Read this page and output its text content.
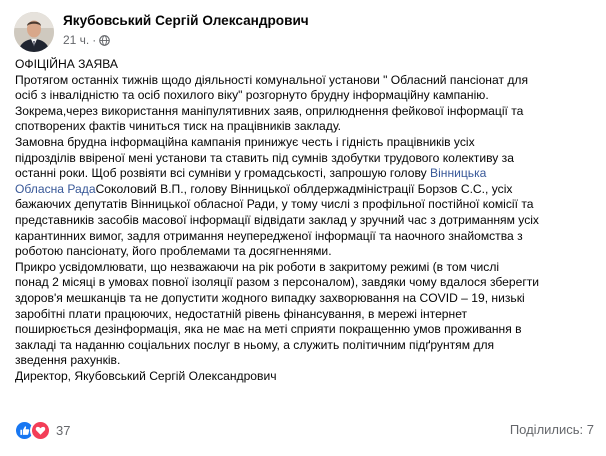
Якубовський Сергій Олександрович
21 ч. ·

ОФІЦІЙНА ЗАЯВА

Протягом останніх тижнів щодо діяльності комунальної установи " Обласний пансіонат для

осіб з інвалідністю та осіб похилого віку" розгорнуто брудну інформаційну кампанію.

Зокрема,через використання маніпулятивних заяв, оприлюднення фейкової інформації та

спотворених фактів чиниться тиск на працівників закладу.

Замовна брудна інформаційна кампанія принижує честь і гідність працівників усіх

підрозділів ввіреної мені установи та ставить під сумнів здобутки трудового колективу за

останні роки. Щоб розвіяти всі сумніви у громадськості, запрошую голову Вінницька

Обласна РадаСоколовий В.П., голову Вінницької облдержадміністрації Борзов С.С., усіх

бажаючих депутатів Вінницької обласної Ради, у тому числі з профільної постійної комісії та

представників засобів масової інформації відвідати заклад у зручний час з дотриманням усіх

карантинних вимог, задля отримання неупередженої інформації та наочного знайомства з

роботою пансіонату, його проблемами та досягненнями.

Прикро усвідомлювати, що незважаючи на рік роботи в закритому режимі (в том числі

понад 2 місяці в умовах повної ізоляції разом з персоналом), завдяки чому вдалося зберегти

здоров'я мешканців та не допустити жодного випадку захворювання на COVID – 19, низькі

заробітні плати працюючих, недостатній рівень фінансування, в мережі інтернет

поширюється дезінформація, яка не має на меті сприяти покращенню умов проживання в

закладі та наданню соціальних послуг в ньому, а служить політичним підґрунтям для

зведення рахунків.

Директор, Якубовський Сергій Олександрович

37	Поділились: 7
